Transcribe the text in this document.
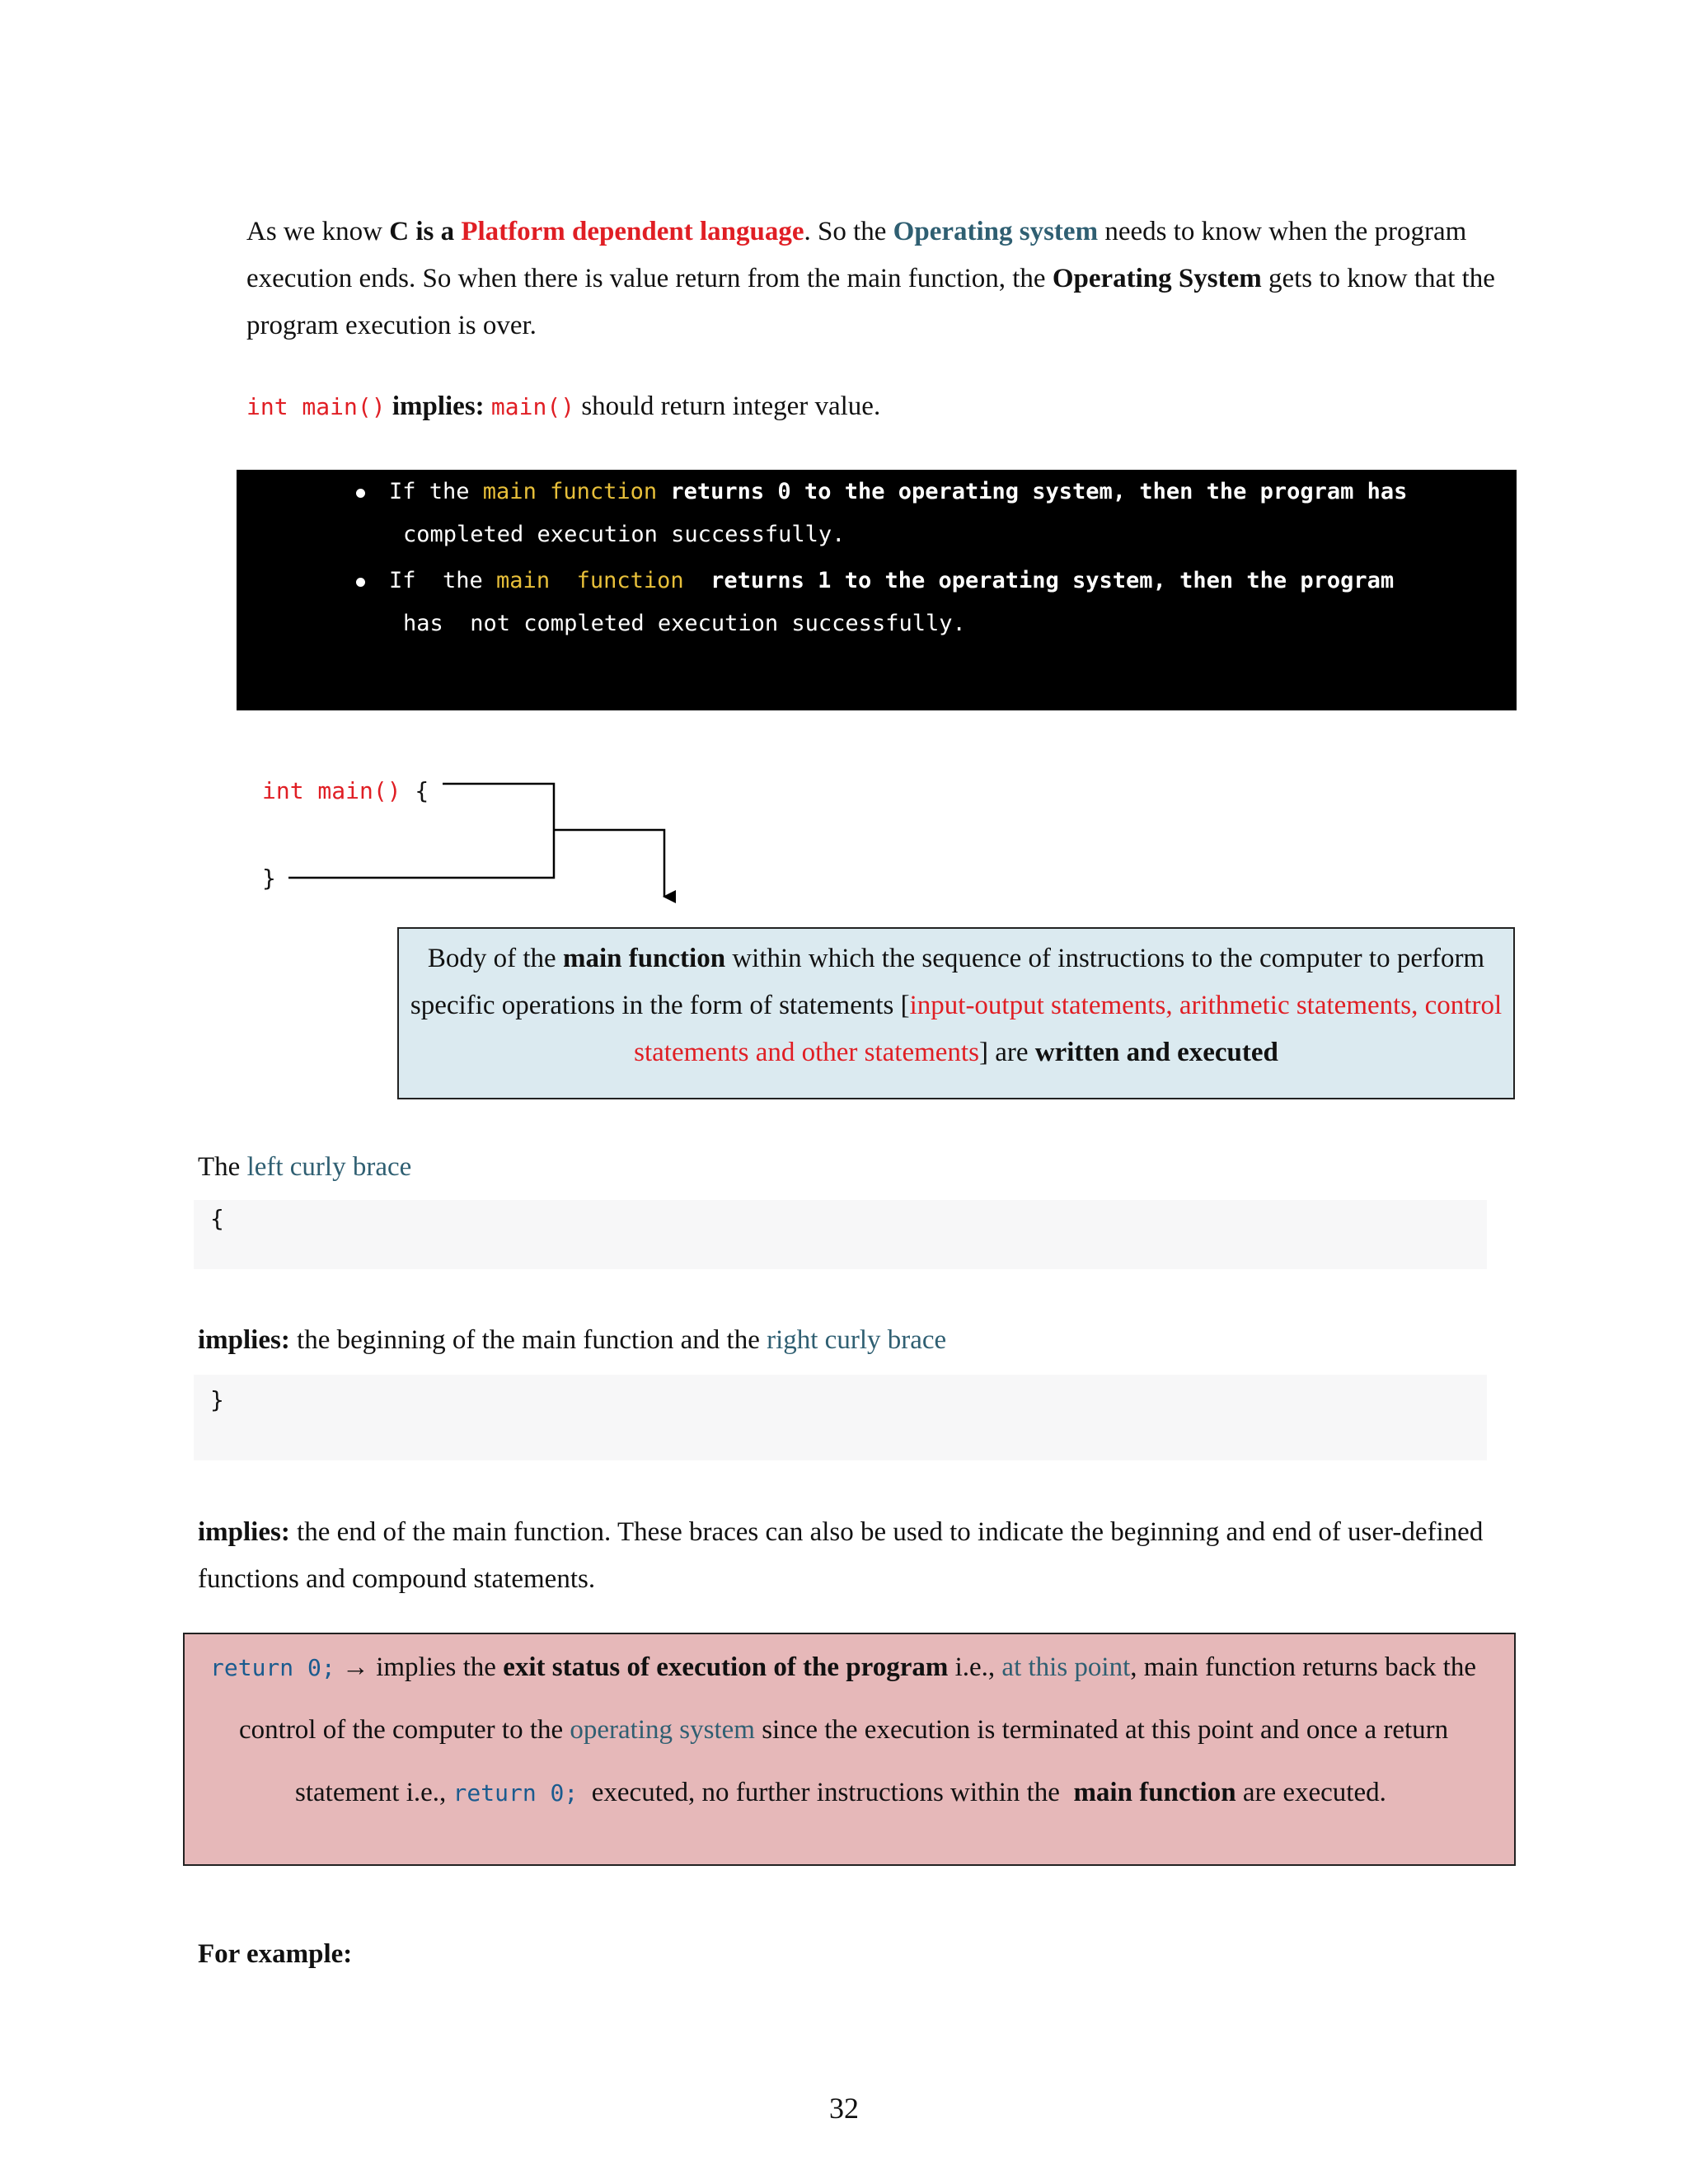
As we know C is a Platform dependent language. So the Operating system needs to know when the program execution ends. So when there is value return from the main function, the Operating System gets to know that the program execution is over.
int main() implies: main() should return integer value.
If the main function returns 0 to the operating system, then the program has
completed execution successfully.
If  the main  function  returns 1 to the operating system, then the program
has  not completed execution successfully.
int main() {
}
Body of the main function within which the sequence of instructions to the computer to perform specific operations in the form of statements [input-output statements, arithmetic statements, control statements and other statements] are written and executed
The left curly brace
{
implies: the beginning of the main function and the right curly brace
}
implies: the end of the main function. These braces can also be used to indicate the beginning and end of user-defined functions and compound statements.
return 0; → implies the exit status of execution of the program i.e., at this point, main function returns back the
control of the computer to the operating system since the execution is terminated at this point and once a return
statement i.e., return 0;  executed, no further instructions within the  main function are executed.
For example:
32
